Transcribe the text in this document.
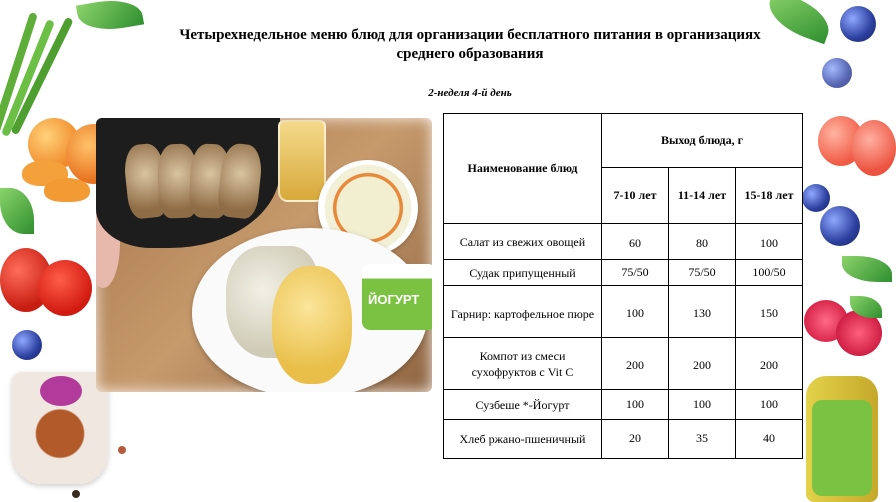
Четырехнедельное меню блюд для организации бесплатного питания в организациях среднего образования
2-неделя 4-й день
ЙОГУРТ
Наименование блюд	Выход блюда, г		
	7-10 лет	11-14 лет	15-18 лет
Салат из свежих овощей	60	80	100
Судак припущенный	75/50	75/50	100/50
Гарнир: картофельное пюре	100	130	150
Компот из смеси сухофруктов с Vit C	200	200	200
Сузбеше *-Йогурт	100	100	100
Хлеб ржано-пшеничный	20	35	40
